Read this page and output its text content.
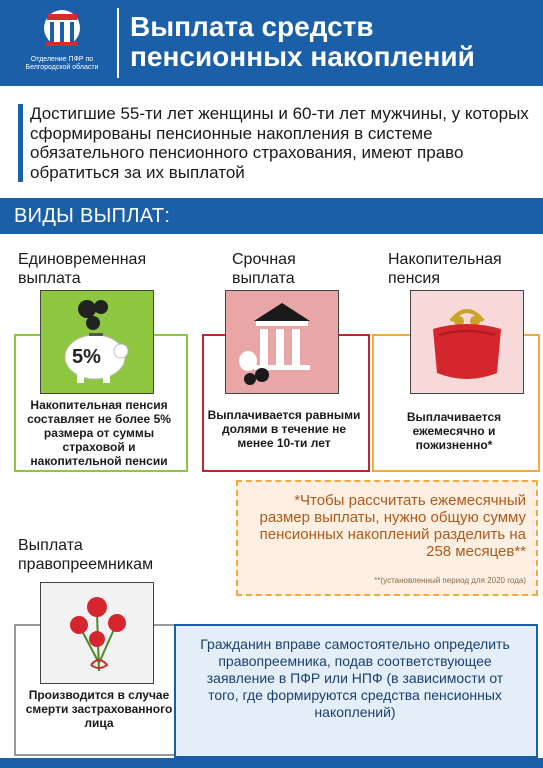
Отделение ПФР по Белгородской области
Выплата средств пенсионных накоплений
Достигшие 55-ти лет женщины и 60-ти лет мужчины, у которых сформированы пенсионные накопления в системе обязательного пенсионного страхования, имеют право обратиться за их выплатой
ВИДЫ ВЫПЛАТ:
Единовременная выплата
Срочная выплата
Накопительная пенсия
5%
Накопительная пенсия составляет не более 5% размера от суммы страховой и накопительной пенсии
Выплачивается равными долями в течение не менее 10-ти лет
Выплачивается ежемесячно и пожизненно*
*Чтобы рассчитать ежемесячный размер выплаты, нужно общую сумму пенсионных накоплений разделить на 258 месяцев**
**(установленный период для 2020 года)
Выплата правопреемникам
Производится в случае смерти застрахованного лица
Гражданин вправе самостоятельно определить правопреемника, подав соответствующее заявление в ПФР или НПФ (в зависимости от того, где формируются средства пенсионных накоплений)
